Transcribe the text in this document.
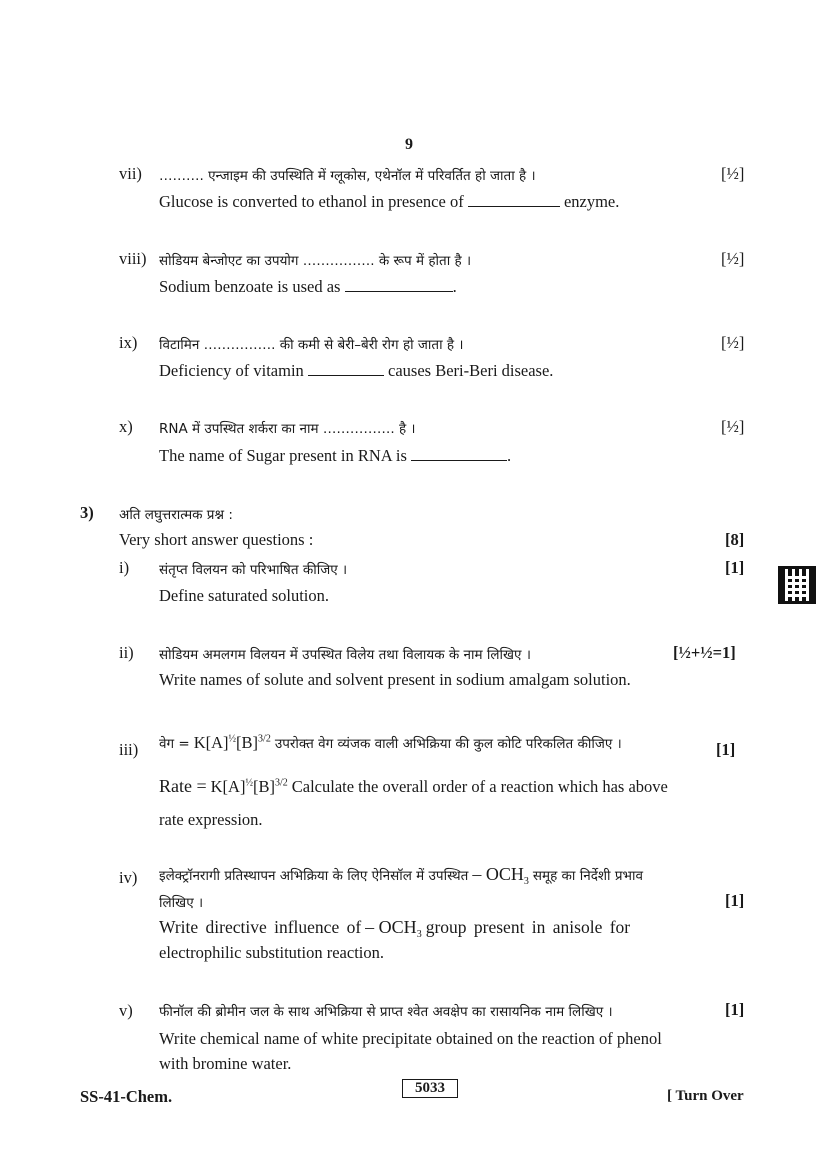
9
vii) ………. एन्जाइम की उपस्थिति में ग्लूकोस, एथेनॉल में परिवर्तित हो जाता है ।	[½]
Glucose is converted to ethanol in presence of	enzyme.
viii) सोडियम बेन्जोएट का उपयोग ……………. के रूप में होता है ।	[½]
Sodium benzoate is used as	.
ix) विटामिन ……………. की कमी से बेरी–बेरी रोग हो जाता है ।	[½]
Deficiency of vitamin	causes Beri-Beri disease.
x) RNA में उपस्थित शर्करा का नाम ……………. है ।	[½]
The name of Sugar present in RNA is	.
3) अति लघुत्तरात्मक प्रश्न :
Very short answer questions :	[8]
i) संतृप्त विलयन को परिभाषित कीजिए ।	[1]
Define saturated solution.
ii) सोडियम अमलगम विलयन में उपस्थित विलेय तथा विलायक के नाम लिखिए ।	[½+½=1]
Write names of solute and solvent present in sodium amalgam solution.
iii) वेग = $K[A]^{\frac{1}{2}}[B]^{3/2}$ उपरोक्त वेग व्यंजक वाली अभिक्रिया की कुल कोटि परिकलित कीजिए ।	[1]
Rate = $K[A]^{\frac{1}{2}}[B]^{3/2}$ Calculate the overall order of a reaction which has above
rate expression.
iv) इलेक्ट्रॉनरागी प्रतिस्थापन अभिक्रिया के लिए ऐनिसॉल में उपस्थित – $OCH_3$ समूह का निर्देशी प्रभाव
लिखिए ।	[1]
Write directive influence of – $OCH_3$ group present in anisole for
electrophilic substitution reaction.
v) फीनॉल की ब्रोमीन जल के साथ अभिक्रिया से प्राप्त श्वेत अवक्षेप का रासायनिक नाम लिखिए ।	[1]
Write chemical name of white precipitate obtained on the reaction of phenol
with bromine water.
SS-41-Chem.	5033	[ Turn Over
